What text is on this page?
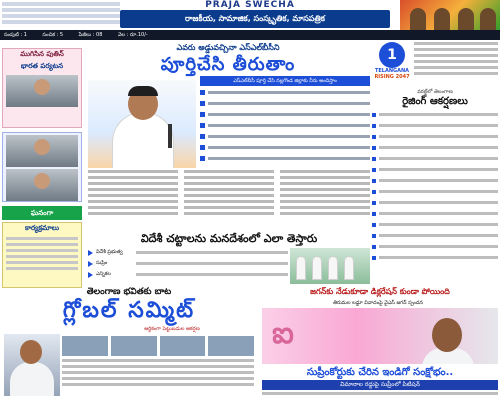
PRAJA SWECHA
రాజకీయ, సామాజిక, సంస్కృతిక, మాసపత్రిక
సంపుటి : 1	సంచిక : 5	పేజీలు : 08	వెల : రూ.10/-
ముగిసిన పుతిన్
భారత పర్యటన
ఘనంగా
కార్యక్రమాలు
ఎవరు అడ్డువచ్చినా ఎస్‌ఎల్‌బీసీని
పూర్తిచేసి తీరుతాం
ఎస్‌ఎల్‌బీసీ పూర్తి చేసి నల్లగొండ జిల్లాకు నీరు అందిస్తాం
విదేశీ చట్టాలను మనదేశంలో ఎలా తెస్తారు
విదేశీ ప్రభుత్వ
సుప్రీం
ఎన్నికల
1
TELANGANA
RISING 2047
వరల్డ్‌లో తెలంగాణ
రైజింగ్ ఆకర్షణలు
తెలంగాణ భవితకు బాట
గ్లోబల్ సమ్మిట్
ఆర్థికంగా పెట్టుబడుల ఆకర్షణ
జగన్‌కు నేడుకూడా డిక్లరేషన్ కుండా పోయింది
తిరుమల లడ్డూ వివాదంపై వైఎస్ జగన్ స్పందన
ఐ
సుప్రీంకోర్టుకు చేరిన ఇండిగో సంక్షోభం..
విమానాల రద్దుపై సుప్రీంలో పిటిషన్
